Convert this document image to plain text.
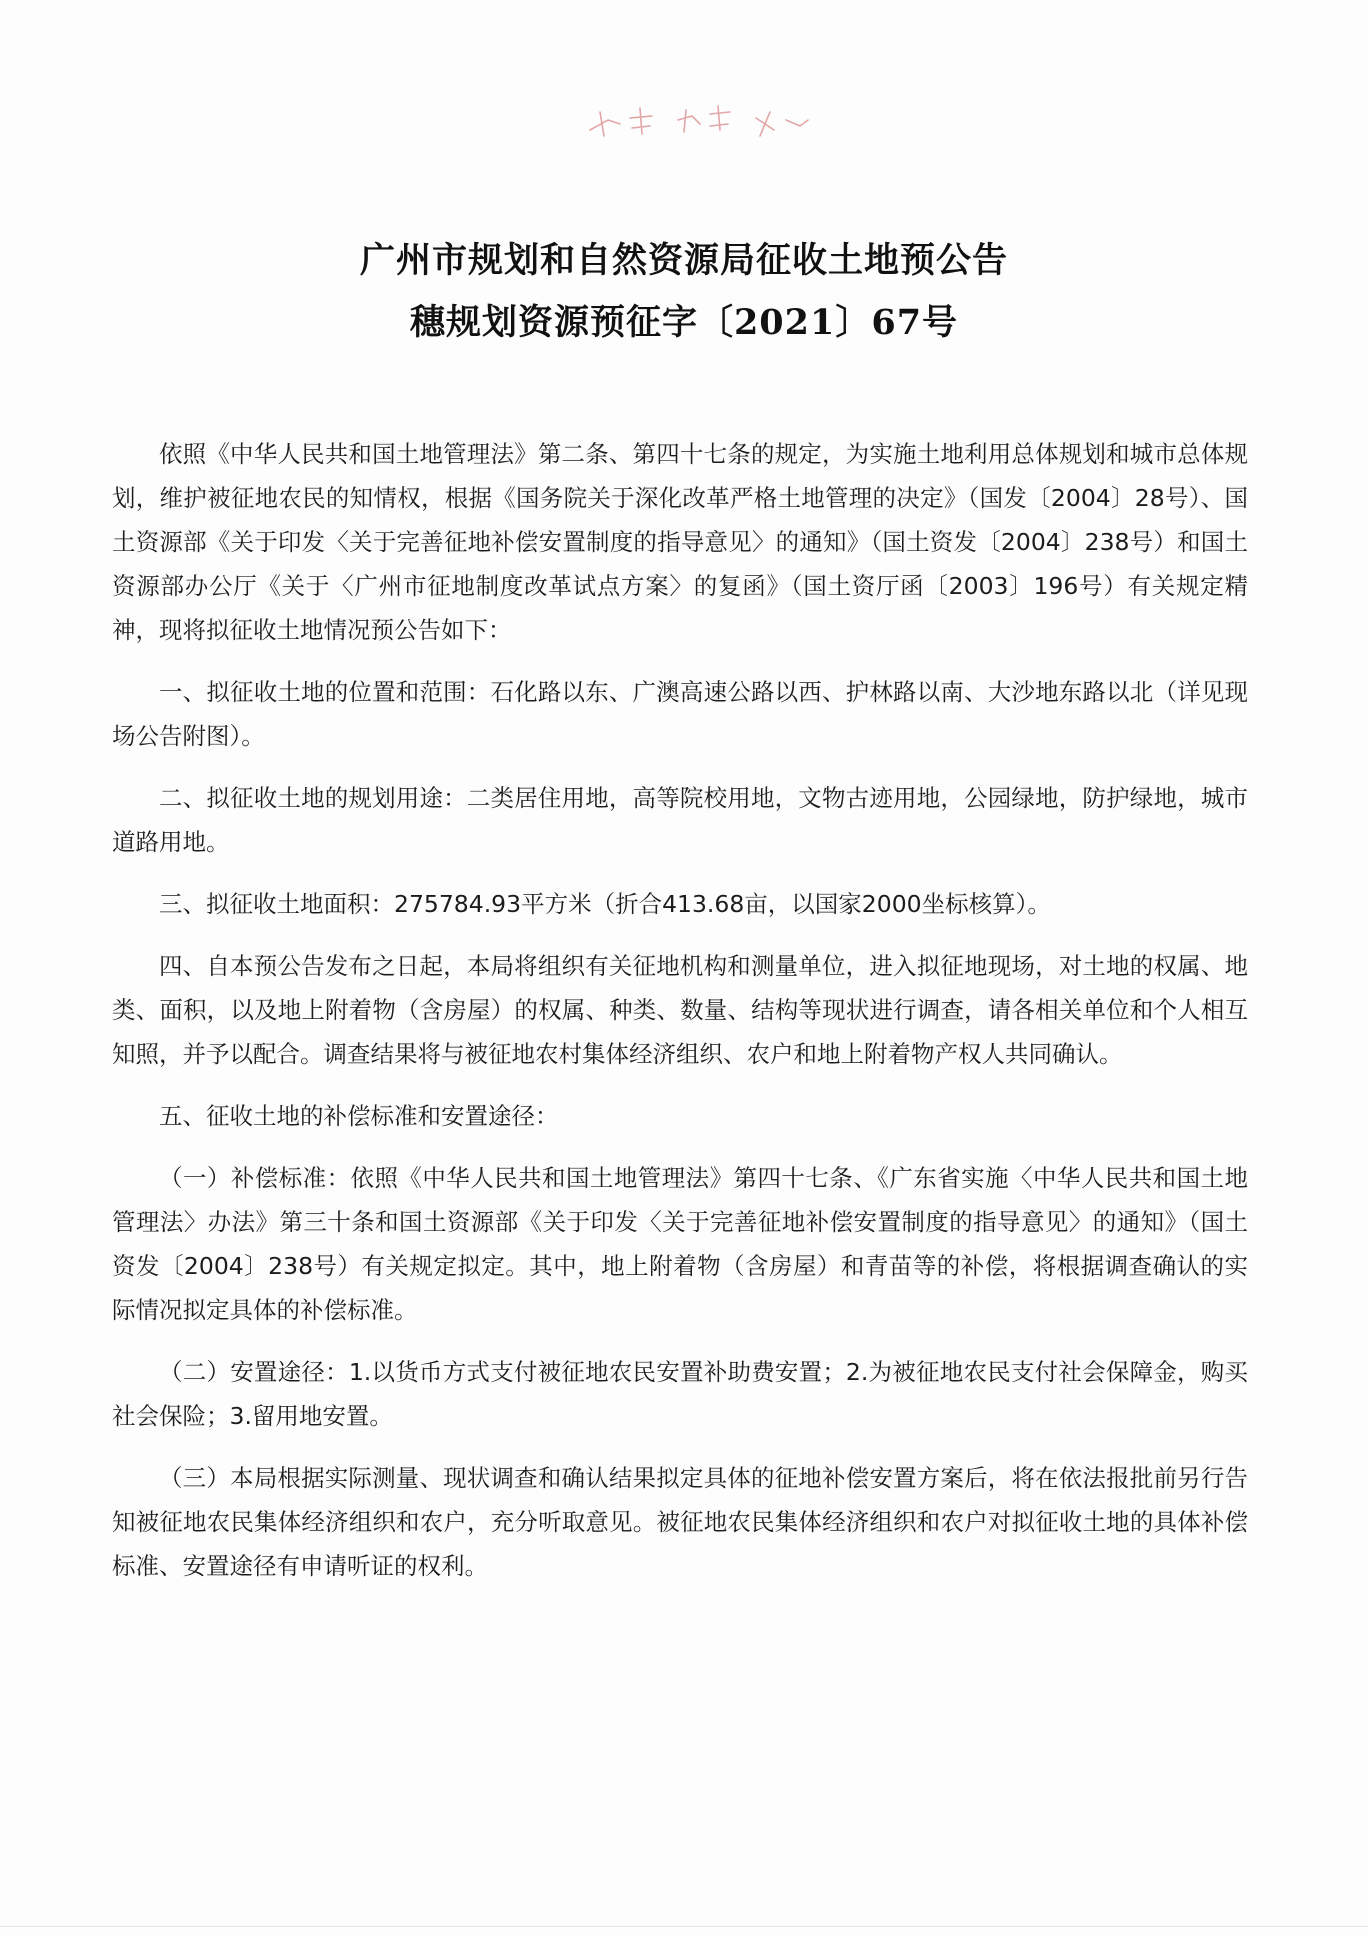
广州市规划和自然资源局征收土地预公告
穗规划资源预征字〔2021〕67号

依照《中华人民共和国土地管理法》第二条、第四十七条的规定，为实施土地利用总体规划和城市总体规划，维护被征地农民的知情权，根据《国务院关于深化改革严格土地管理的决定》（国发〔2004〕28号）、国土资源部《关于印发〈关于完善征地补偿安置制度的指导意见〉的通知》（国土资发〔2004〕238号）和国土资源部办公厅《关于〈广州市征地制度改革试点方案〉的复函》（国土资厅函〔2003〕196号）有关规定精神，现将拟征收土地情况预公告如下：

一、拟征收土地的位置和范围：石化路以东、广澳高速公路以西、护林路以南、大沙地东路以北（详见现场公告附图）。

二、拟征收土地的规划用途：二类居住用地，高等院校用地，文物古迹用地，公园绿地，防护绿地，城市道路用地。

三、拟征收土地面积：275784.93平方米（折合413.68亩，以国家2000坐标核算）。

四、自本预公告发布之日起，本局将组织有关征地机构和测量单位，进入拟征地现场，对土地的权属、地类、面积，以及地上附着物（含房屋）的权属、种类、数量、结构等现状进行调查，请各相关单位和个人相互知照，并予以配合。调查结果将与被征地农村集体经济组织、农户和地上附着物产权人共同确认。

五、征收土地的补偿标准和安置途径：

（一）补偿标准：依照《中华人民共和国土地管理法》第四十七条、《广东省实施〈中华人民共和国土地管理法〉办法》第三十条和国土资源部《关于印发〈关于完善征地补偿安置制度的指导意见〉的通知》（国土资发〔2004〕238号）有关规定拟定。其中，地上附着物（含房屋）和青苗等的补偿，将根据调查确认的实际情况拟定具体的补偿标准。

（二）安置途径：1.以货币方式支付被征地农民安置补助费安置；2.为被征地农民支付社会保障金，购买社会保险；3.留用地安置。

（三）本局根据实际测量、现状调查和确认结果拟定具体的征地补偿安置方案后，将在依法报批前另行告知被征地农民集体经济组织和农户，充分听取意见。被征地农民集体经济组织和农户对拟征收土地的具体补偿标准、安置途径有申请听证的权利。
